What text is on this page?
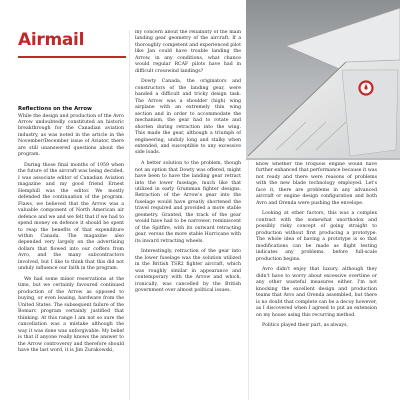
Airmail
Reflections on the Arrow

While the design and production of the Avro Arrow undoubtedly constituted an historic breakthrough for the Canadian aviation industry, as was noted in the article in the November/December issue of Aviator, there are still unanswered questions about the program.

During those final months of 1959 when the future of the aircraft was being decided, I was associate editor of Canadian Aviation magazine and my good friend Ernest Hemphill was the editor. We mostly defended the continuation of the program. Flaws, we believed that the Arrow was a valuable component of North American air defence and we and we felt that if we had to spend money on defence it should be spent to reap the benefits of that expenditure within Canada. The magazine also depended very largely on the advertising dollars that flowed into our coffers from Avro, and the many subcontractors involved, but I like to think that this did not unduly influence our faith in the program.

We had some minor reservations at the time, but we certainly favoured continued production of the Arrow as opposed to buying, or even leasing, hardware from the United States. The subsequent failure of the Bomarc program certainly justified that thinking. At this range I am not so sure the cancellation was a mistake although the way it was done was unforgivable. My belief is that if anyone really knows the answer to the Arrow controversy and therefore should have the last word, it is Jim Zurakowski,

my concern about the reliability of the main landing gear geometry of the aircraft. If a thoroughly competent and experienced pilot like Jan could have trouble landing the Arrow, in any conditions, what chance would regular RCAF pilots have had in difficult crosswind landings?

Dowty Canada, the originators and constructors of the landing gear, were handed a difficult and tricky design task. The Arrow was a shoulder (high) wing airplane with an extremely thin wing section and in order to accommodate the mechanism, the gear had to rotate and shorten during retraction into the wing. This made the gear, although a triumph of engineering, unduly long and stalky when extended, and susceptible to any excessive side loads.

A better solution to the problem, though not an option that Dowty was offered, might have been to have the landing gear retract into the lower fuselage, much like that utilized in early Grumman fighter designs. Retraction of the Arrow's gear into the fuselage would have greatly shortened the travel required and provided a more stable geometry. Granted, the track of the gear would have had to be narrower, reminiscent of the Spitfire, with its outward retracting gear, versus the more stable Hurricane with its inward retracting wheels.

Interestingly, retraction of the gear into the lower fuselage was the solution utilized in the British TSR2 fighter aircraft, which was roughly similar in appearance and contemporary with the Arrow and which, ironically, was cancelled by the British government over almost political issues.

know whether the Iroquois engine would have further enhanced that performance because it was not ready and there were reasons of problems with the new blade technology employed. Let's face it, there are problems in any advanced aircraft or engine design configuration and both Avro and Orenda were pushing the envelope.

Looking at other factors, this was a complex contract with the somewhat unorthodox and possibly risky concept of going straight to production without first producing a prototype. The whole idea of having a prototype is so that modifications can be made as flight testing indicates any problems, before full-scale production begins.

Avro didn't enjoy that luxury, although they didn't have to worry about excessive overtime or any other wasteful measures either. I'm not knocking the excellent design and production teams that Avro and Orenda assembled, but there is no doubt that complete can be a decoy however, as I discovered when I agreed to put an extension on my house using this recurring method.

Politics played their part, as always,
